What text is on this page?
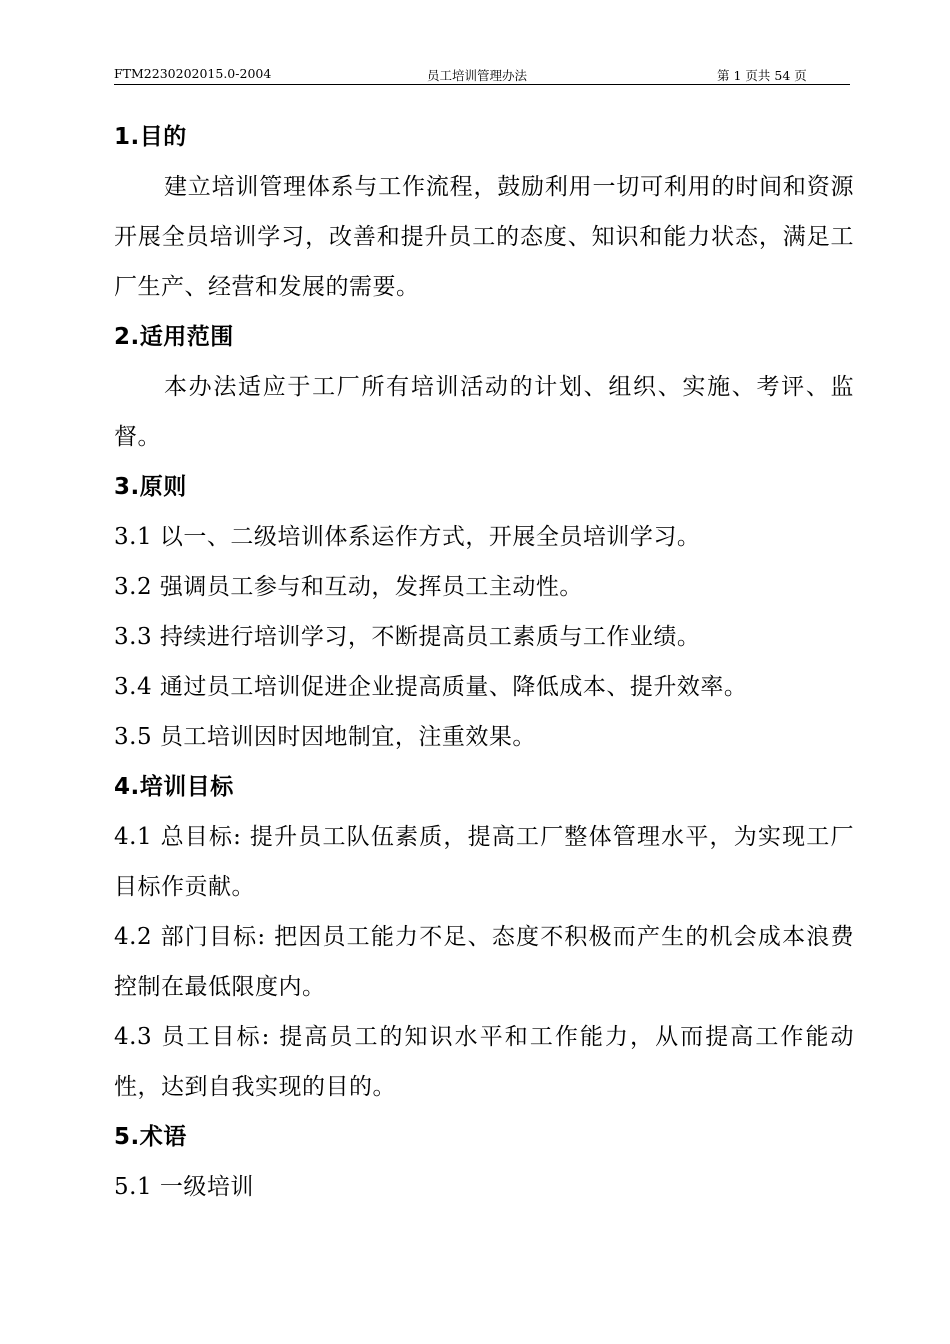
FTM2230202015.0-2004	员工培训管理办法	第 1 页共 54 页
1.目的
建立培训管理体系与工作流程，鼓励利用一切可利用的时间和资源开展全员培训学习，改善和提升员工的态度、知识和能力状态，满足工厂生产、经营和发展的需要。
2.适用范围
本办法适应于工厂所有培训活动的计划、组织、实施、考评、监督。
3.原则
3.1 以一、二级培训体系运作方式，开展全员培训学习。
3.2 强调员工参与和互动，发挥员工主动性。
3.3 持续进行培训学习，不断提高员工素质与工作业绩。
3.4 通过员工培训促进企业提高质量、降低成本、提升效率。
3.5 员工培训因时因地制宜，注重效果。
4.培训目标
4.1 总目标: 提升员工队伍素质，提高工厂整体管理水平，为实现工厂目标作贡献。
4.2 部门目标: 把因员工能力不足、态度不积极而产生的机会成本浪费控制在最低限度内。
4.3 员工目标: 提高员工的知识水平和工作能力，从而提高工作能动性，达到自我实现的目的。
5.术语
5.1 一级培训
